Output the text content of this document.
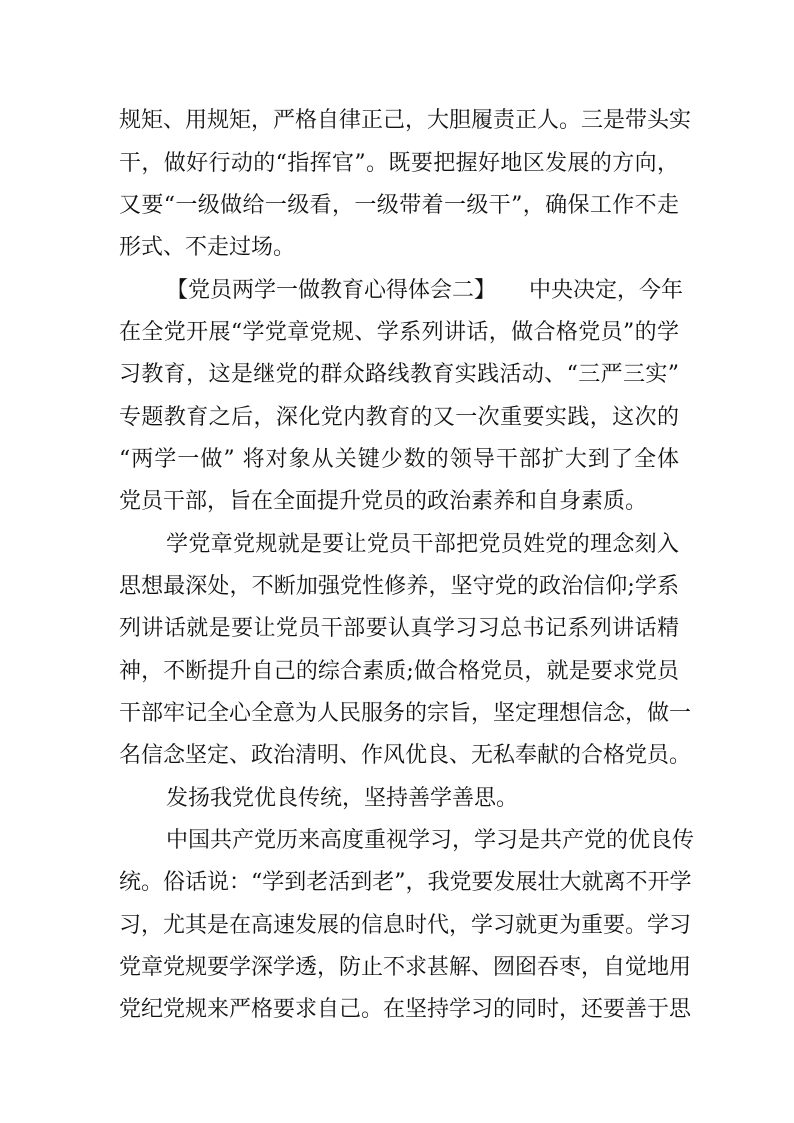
规矩、用规矩，严格自律正己，大胆履责正人。三是带头实
干，做好行动的“指挥官”。既要把握好地区发展的方向，
又要“一级做给一级看，一级带着一级干”，确保工作不走
形式、不走过场。
【党员两学一做教育心得体会二】　　中央决定，今年
在全党开展“学党章党规、学系列讲话，做合格党员”的学
习教育，这是继党的群众路线教育实践活动、“三严三实”
专题教育之后，深化党内教育的又一次重要实践，这次的
“两学一做” 将对象从关键少数的领导干部扩大到了全体
党员干部，旨在全面提升党员的政治素养和自身素质。
学党章党规就是要让党员干部把党员姓党的理念刻入
思想最深处，不断加强党性修养，坚守党的政治信仰;学系
列讲话就是要让党员干部要认真学习习总书记系列讲话精
神，不断提升自己的综合素质;做合格党员，就是要求党员
干部牢记全心全意为人民服务的宗旨，坚定理想信念，做一
名信念坚定、政治清明、作风优良、无私奉献的合格党员。
发扬我党优良传统，坚持善学善思。
中国共产党历来高度重视学习，学习是共产党的优良传
统。俗话说：“学到老活到老”，我党要发展壮大就离不开学
习，尤其是在高速发展的信息时代，学习就更为重要。学习
党章党规要学深学透，防止不求甚解、囫囵吞枣，自觉地用
党纪党规来严格要求自己。在坚持学习的同时，还要善于思
